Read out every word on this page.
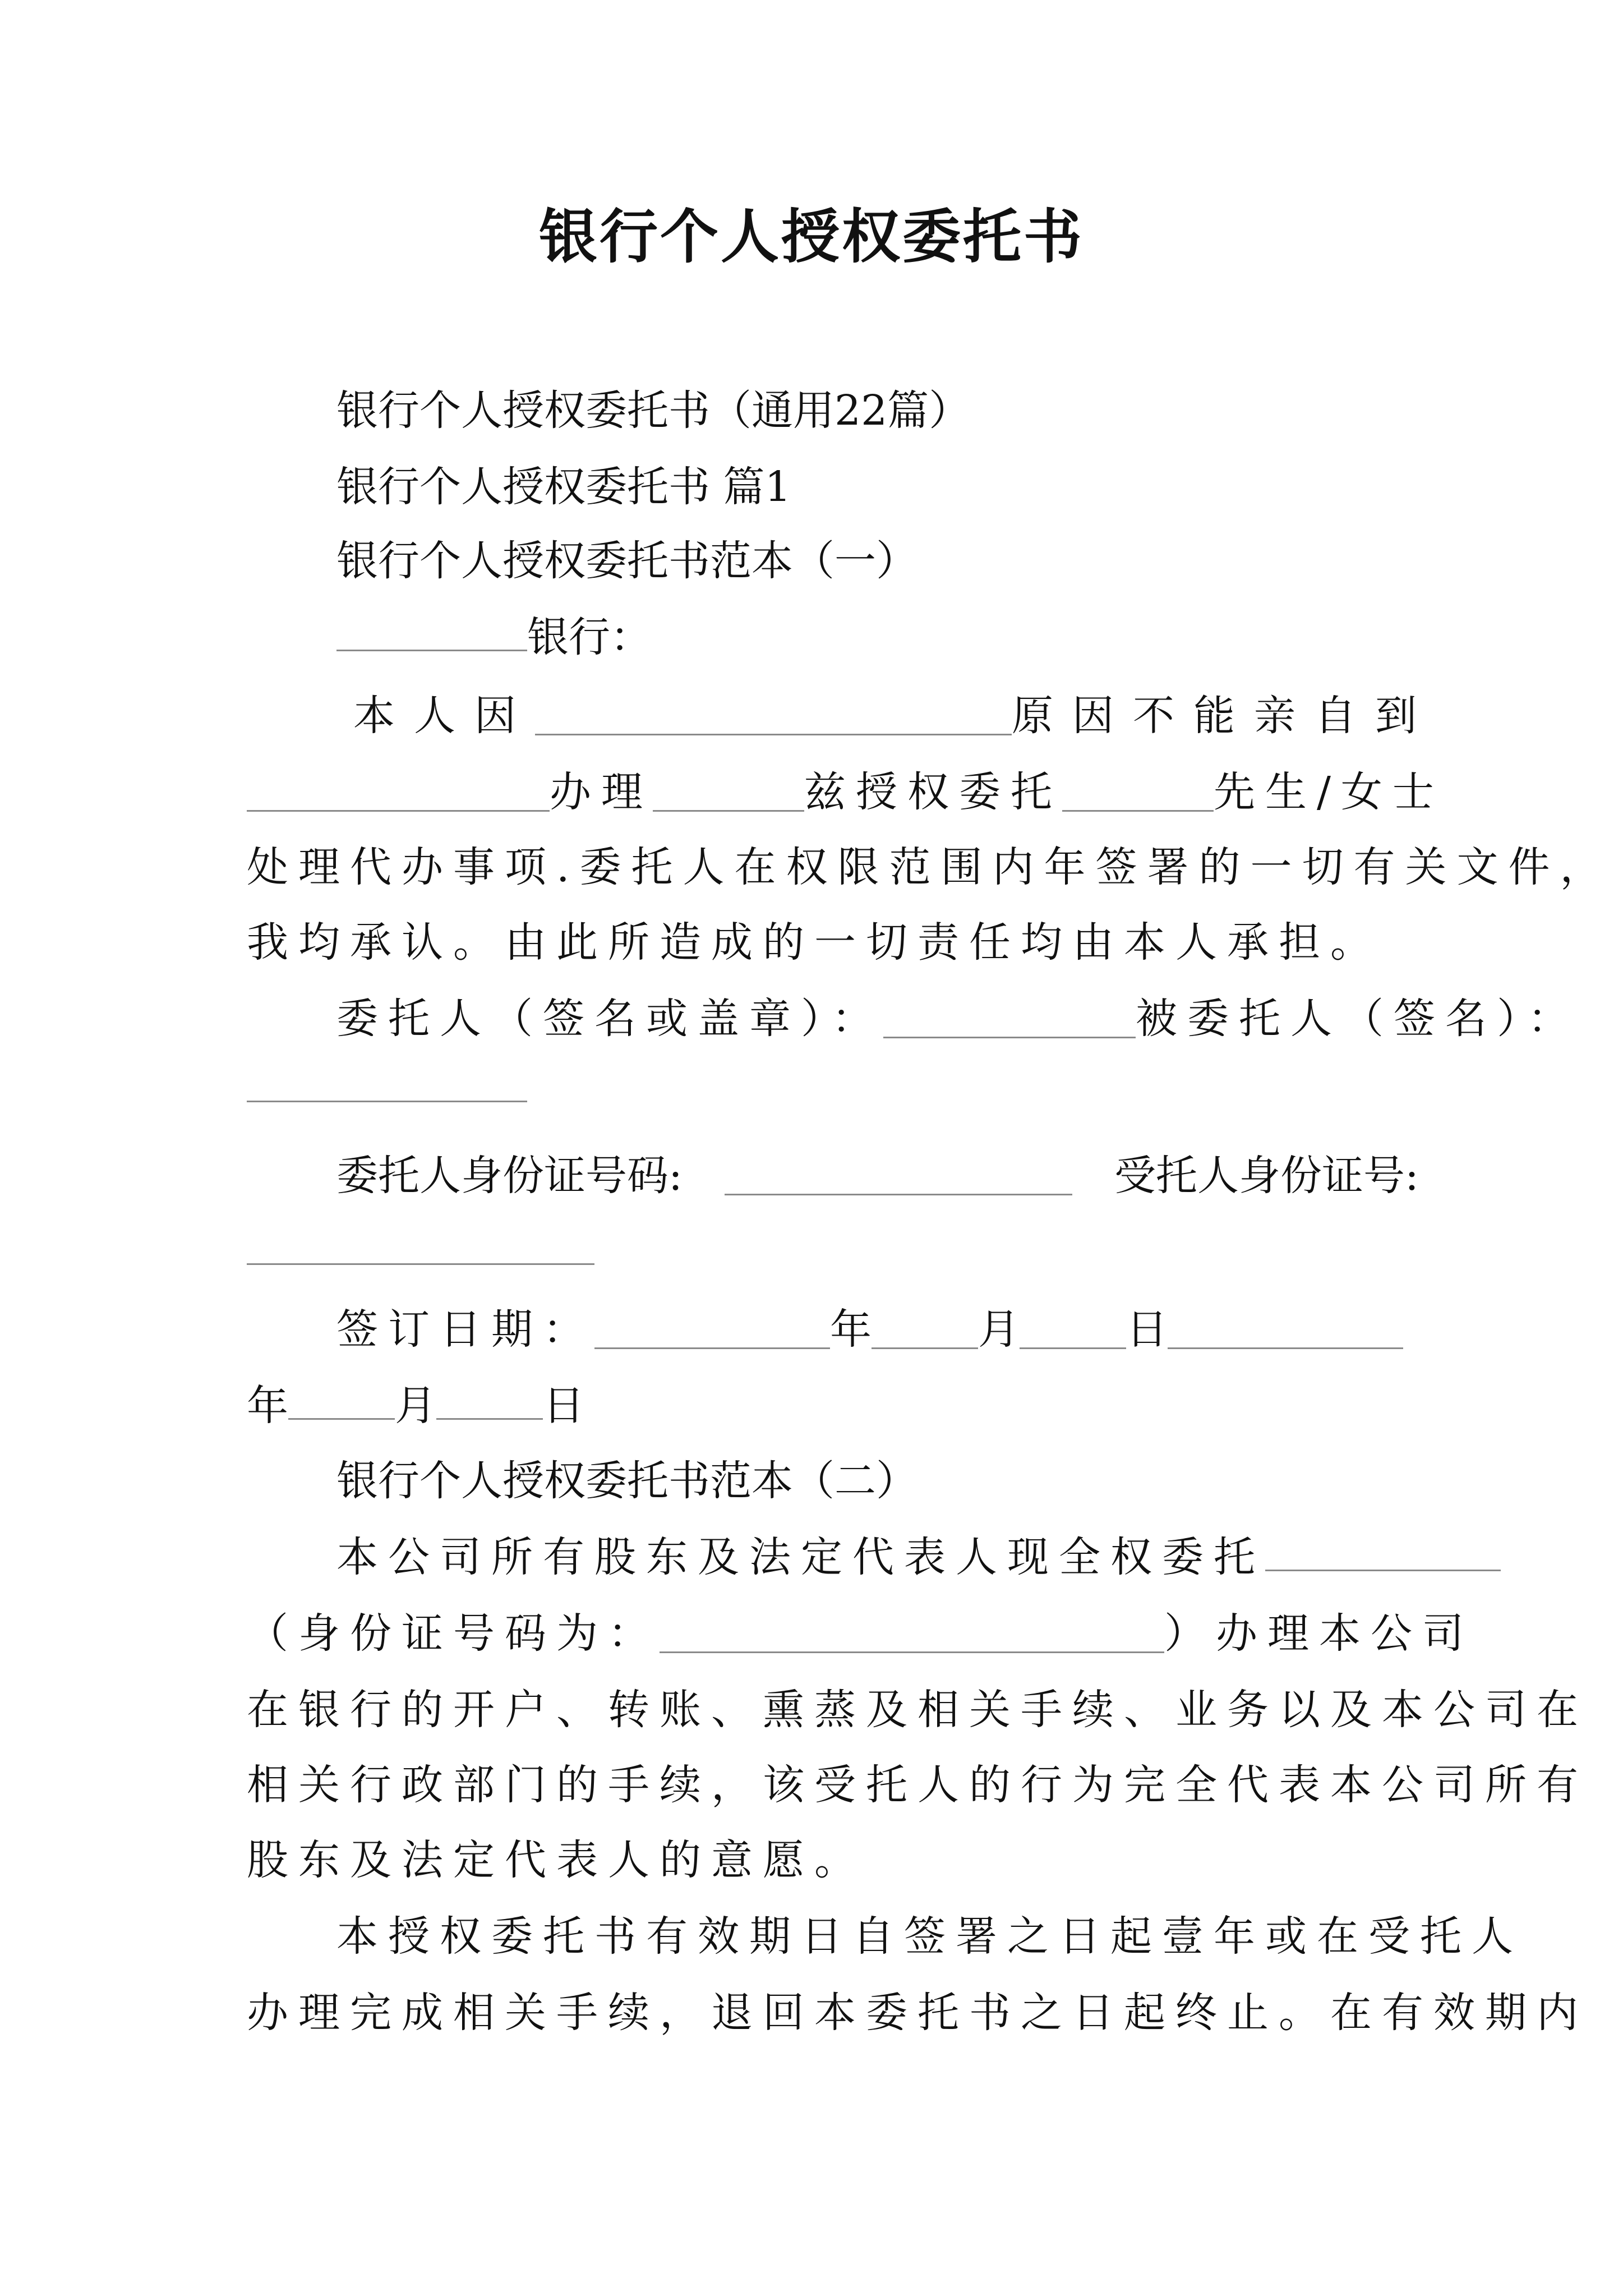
银行个人授权委托书
银行个人授权委托书（通用22篇）
银行个人授权委托书 篇1
银行个人授权委托书范本（一）
银行：
本人因	原因不能亲自到
办理	兹授权委托	先生/女士
处理代办事项.委托人在权限范围内年签署的一切有关文件，
我均承认。由此所造成的一切责任均由本人承担。
委托人（签名或盖章）：	被委托人（签名）：
委托人身份证号码:	受托人身份证号:
签订日期：	年	月	日
年	月	日
银行个人授权委托书范本（二）
本公司所有股东及法定代表人现全权委托
（身份证号码为：	）办理本公司
在银行的开户、转账、熏蒸及相关手续、业务以及本公司在
相关行政部门的手续，该受托人的行为完全代表本公司所有
股东及法定代表人的意愿。
本授权委托书有效期日自签署之日起壹年或在受托人
办理完成相关手续，退回本委托书之日起终止。在有效期内
